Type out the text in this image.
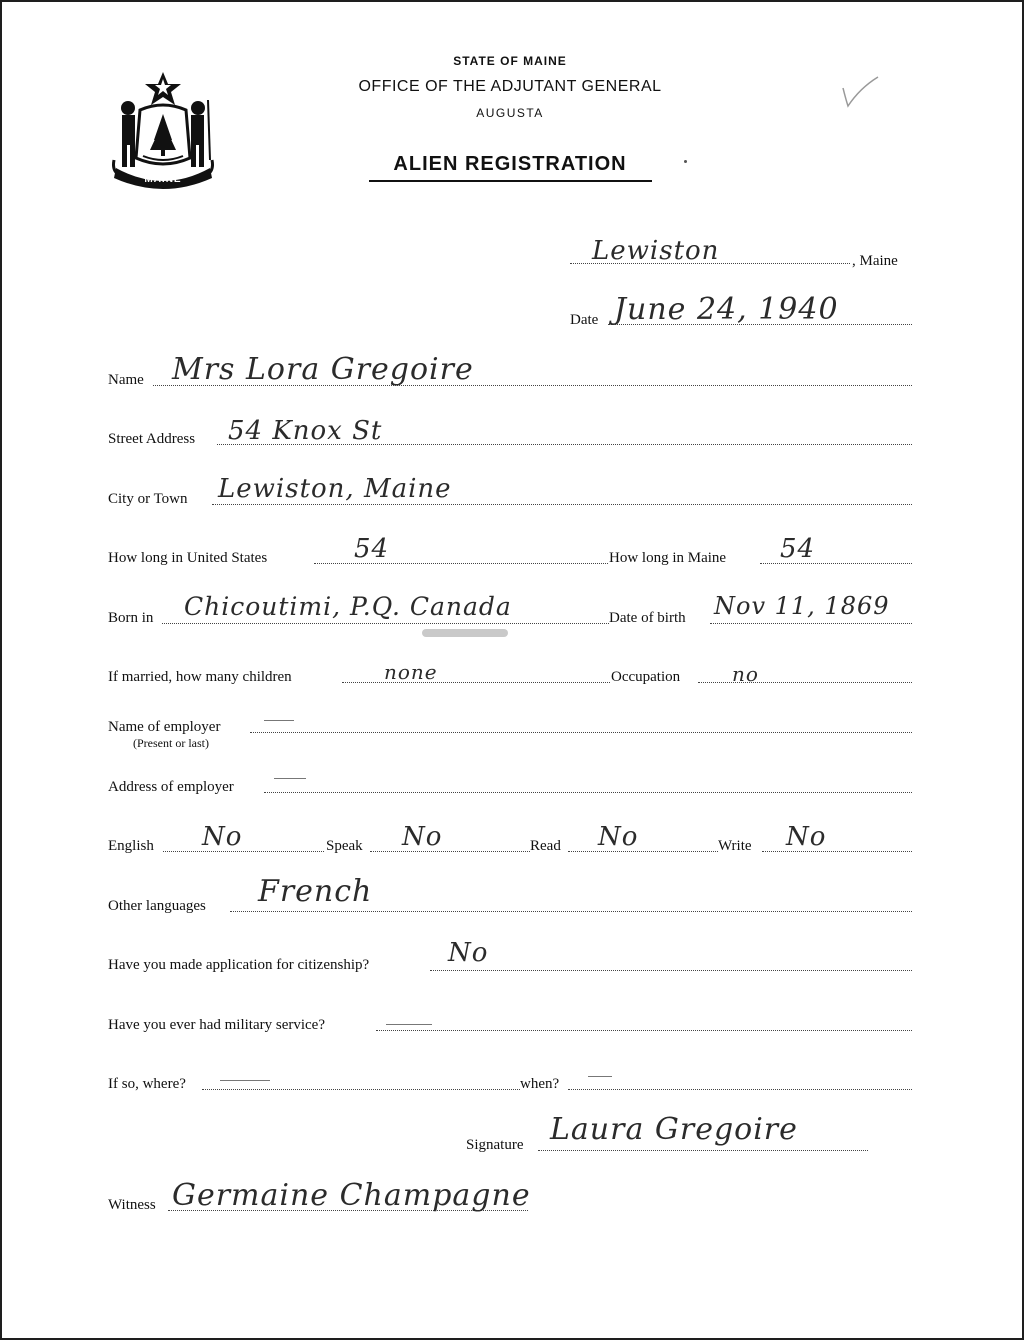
MAINE
STATE OF MAINE
OFFICE OF THE ADJUTANT GENERAL
AUGUSTA
ALIEN REGISTRATION
Lewiston	, Maine
Date June 24, 1940
Name Mrs Lora Gregoire
Street Address 54 Knox St
City or Town Lewiston, Maine
How long in United States	54	How long in Maine 54
Born in Chicoutimi, P.Q. Canada	Date of birth Nov 11, 1869
If married, how many children	none	Occupation	no
Name of employer
(Present or last)
Address of employer
English No	Speak No	Read No	Write No
Other languages French
Have you made application for citizenship?	No
Have you ever had military service?
If so, where?	when?
Signature Laura Gregoire
Witness Germaine Champagne
